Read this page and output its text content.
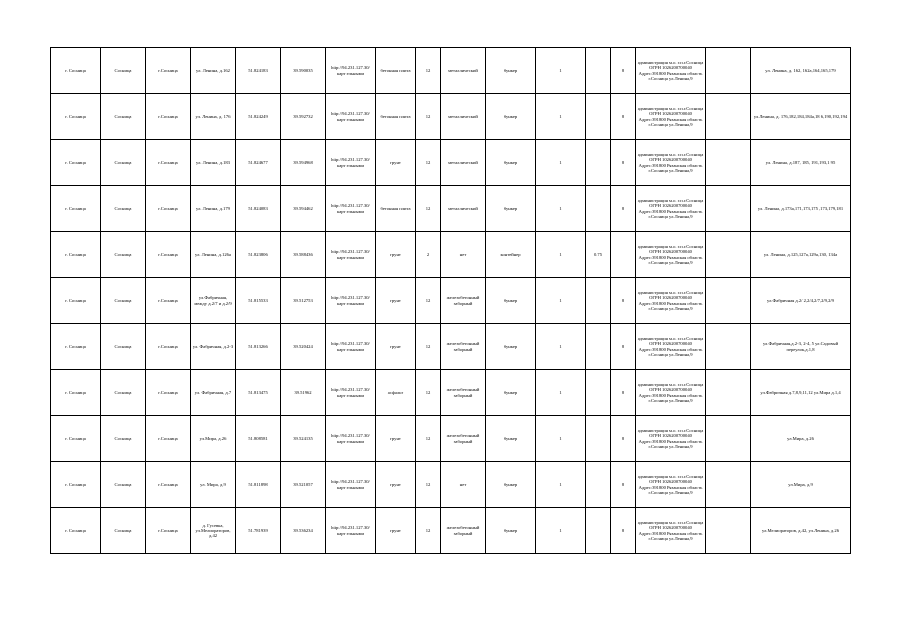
г. Сосница	Сосница	г.Сосница	ул. Ленина, д.162	51.824183	39.590035	http://94.231.127.30/карт ельными	бетонная плита	12	металлический	бункер	1		8	администрация м.о. г.п.г.Сосница ОГРН 1026200700040 Адрес:391800 Рязанская область г.Сосница ул.Ленина,9		ул. Ленина, д. 162, 162а,164,165,179
г. Сосница	Сосница	г.Сосница	ул. Ленина, д. 176	51.824249	39.592732	http://94.231.127.30/карт ельными	бетонная плита	12	металлический	бункер	1		8	администрация м.о. г.п.г.Сосница ОГРН 1026200700040 Адрес:391800 Рязанская область г.Сосница ул.Ленина,9		ул.Ленина, д. 176,182,184,184а,18 6,190,192,194
г. Сосница	Сосница	г.Сосница	ул. Ленина, д.183	51.824677	39.594968	http://94.231.127.30/карт ельными	грунт	12	металлический	бункер	1		8	администрация м.о. г.п.г.Сосница ОГРН 1026200700040 Адрес:391800 Рязанская область г.Сосница ул.Ленина,9		ул. Ленина, д.187, 185, 191,193,1 95
г. Сосница	Сосница	г.Сосница	ул. Ленина, д.179	51.824083	39.594462	http://94.231.127.30/карт ельными	бетонная плита	12	металлический	бункер	1		8	администрация м.о. г.п.г.Сосница ОГРН 1026200700040 Адрес:391800 Рязанская область г.Сосница ул.Ленина,9		ул. Ленина, д.173а,171,173,175 ,173,179,181
г. Сосница	Сосница	г.Сосница	ул. Ленина, д.126а	51.823806	39.588436	http://94.231.127.30/карт ельными	грунт	2	нет	контейнер	1	0.75		администрация м.о. г.п.г.Сосница ОГРН 1026200700040 Адрес:391800 Рязанская область г.Сосница ул.Ленина,9		ул. Ленина, д.125,127а,129а,130, 134а
г. Сосница	Сосница	г.Сосница	ул.Фабричная, между д.2/7 и д.2/9	51.815533	39.512753	http://94.231.127.30/карт ельными	грунт	12	железобетонный заборный	бункер	1		8	администрация м.о. г.п.г.Сосница ОГРН 1026200700040 Адрес:391800 Рязанская область г.Сосница ул.Ленина,9		ул.Фабричная д.2/ 2,2/4,2/7,2/9,2/9
г. Сосница	Сосница	г.Сосница	ул. Фабричная, д.2-3	51.813266	39.520424	http://94.231.127.30/карт ельными	грунт	12	железобетонный заборный	бункер	1		8	администрация м.о. г.п.г.Сосница ОГРН 1026200700040 Адрес:391800 Рязанская область г.Сосница ул.Ленина,9		ул.Фабричная,д.2-3, 2-4, 5 ул.Садовый переулок,д.1,8
г. Сосница	Сосница	г.Сосница	ул. Фабричная, д.7	51.813475	39.51962	http://94.231.127.30/карт ельными	асфальт	12	железобетонный заборный	бункер	1		8	администрация м.о. г.п.г.Сосница ОГРН 1026200700040 Адрес:391800 Рязанская область г.Сосница ул.Ленина,9		ул.Фабричная д.7,8,9,11,12 ул.Мира д.1,4
г. Сосница	Сосница	г.Сосница	ул.Мира, д.26	51.808581	39.524135	http://94.231.127.30/карт ельными	грунт	12	железобетонный заборный	бункер	1		8	администрация м.о. г.п.г.Сосница ОГРН 1026200700040 Адрес:391800 Рязанская область г.Сосница ул.Ленина,9		ул.Мира, д.26
г. Сосница	Сосница	г.Сосница	ул. Мира, д.9	51.811898	39.521057	http://94.231.127.30/карт ельными	грунт	12	нет	бункер	1		8	администрация м.о. г.п.г.Сосница ОГРН 1026200700040 Адрес:391800 Рязанская область г.Сосница ул.Ленина,9		ул.Мира, д.9
г. Сосница	Сосница	г.Сосница	д. Гусевка, ул.Мелиораторов, д.42	51.781939	39.536234	http://94.231.127.30/карт ельными	грунт	12	железобетонный заборный	бункер	1		8	администрация м.о. г.п.г.Сосница ОГРН 1026200700040 Адрес:391800 Рязанская область г.Сосница ул.Ленина,9		ул.Мелиораторов, д.42, ул.Ленина, д.26
